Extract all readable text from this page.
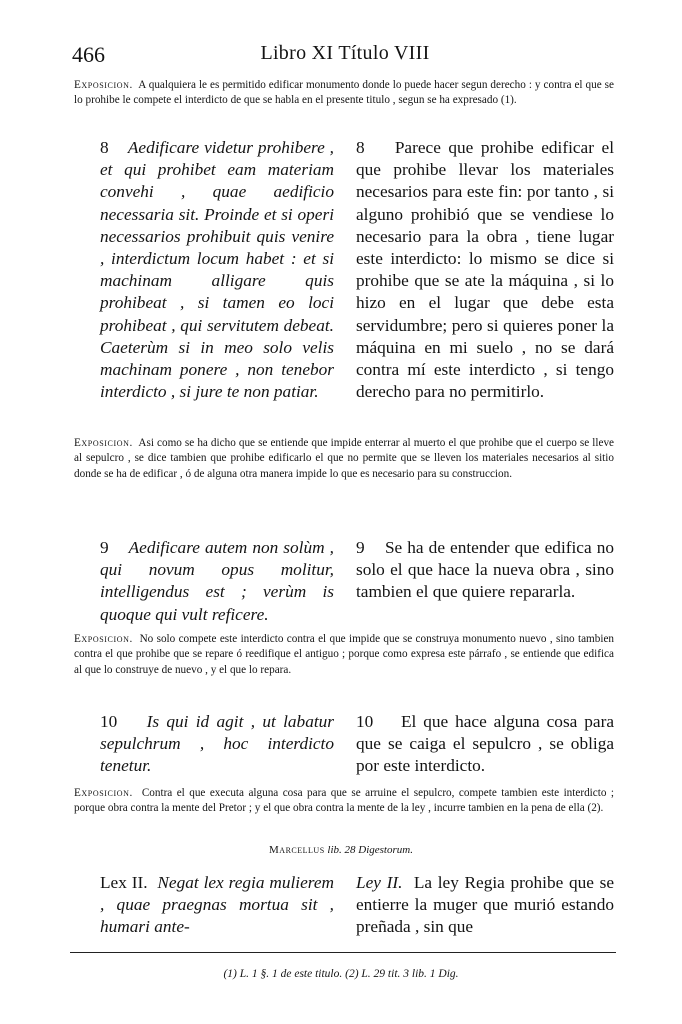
466	Libro XI Título VIII

Exposicion. A qualquiera le es permitido edificar monumento donde lo puede hacer segun derecho : y contra el que se lo prohibe le compete el interdicto de que se habla en el presente titulo , segun se ha expresado (1).

8 Aedificare videtur prohibere , et qui prohibet eam materiam convehi , quae aedificio necessaria sit. Proinde et si operi necessarios prohibuit quis venire , interdictum locum habet : et si machinam alligare quis prohibeat , si tamen eo loci prohibeat , qui servitutem debeat. Caeterùm si in meo solo velis machinam ponere , non tenebor interdicto , si jure te non patiar.

8 Parece que prohibe edificar el que prohibe llevar los materiales necesarios para este fin: por tanto , si alguno prohibió que se vendiese lo necesario para la obra , tiene lugar este interdicto: lo mismo se dice si prohibe que se ate la máquina , si lo hizo en el lugar que debe esta servidumbre; pero si quieres poner la máquina en mi suelo , no se dará contra mí este interdicto , si tengo derecho para no permitirlo.

Exposicion. Asi como se ha dicho que se entiende que impide enterrar al muerto el que prohibe que el cuerpo se lleve al sepulcro , se dice tambien que prohibe edificarlo el que no permite que se lleven los materiales necesarios al sitio donde se ha de edificar , ó de alguna otra manera impide lo que es necesario para su construccion.

9 Aedificare autem non solùm , qui novum opus molitur, intelligendus est ; verùm is quoque qui vult reficere.

9 Se ha de entender que edifica no solo el que hace la nueva obra , sino tambien el que quiere repararla.

Exposicion. No solo compete este interdicto contra el que impide que se construya monumento nuevo , sino tambien contra el que prohibe que se repare ó reedifique el antiguo ; porque como expresa este párrafo , se entiende que edifica al que lo construye de nuevo , y el que lo repara.

10 Is qui id agit , ut labatur sepulchrum , hoc interdicto tenetur.

10 El que hace alguna cosa para que se caiga el sepulcro , se obliga por este interdicto.

Exposicion. Contra el que executa alguna cosa para que se arruine el sepulcro, compete tambien este interdicto ; porque obra contra la mente del Pretor ; y el que obra contra la mente de la ley , incurre tambien en la pena de ella (2).

Marcellus lib. 28 Digestorum.

Lex II. Negat lex regia mulierem , quae praegnas mortua sit , humari ante-

Ley II. La ley Regia prohibe que se entierre la muger que murió estando preñada , sin que

(1) L. 1 §. 1 de este titulo. (2) L. 29 tit. 3 lib. 1 Dig.
